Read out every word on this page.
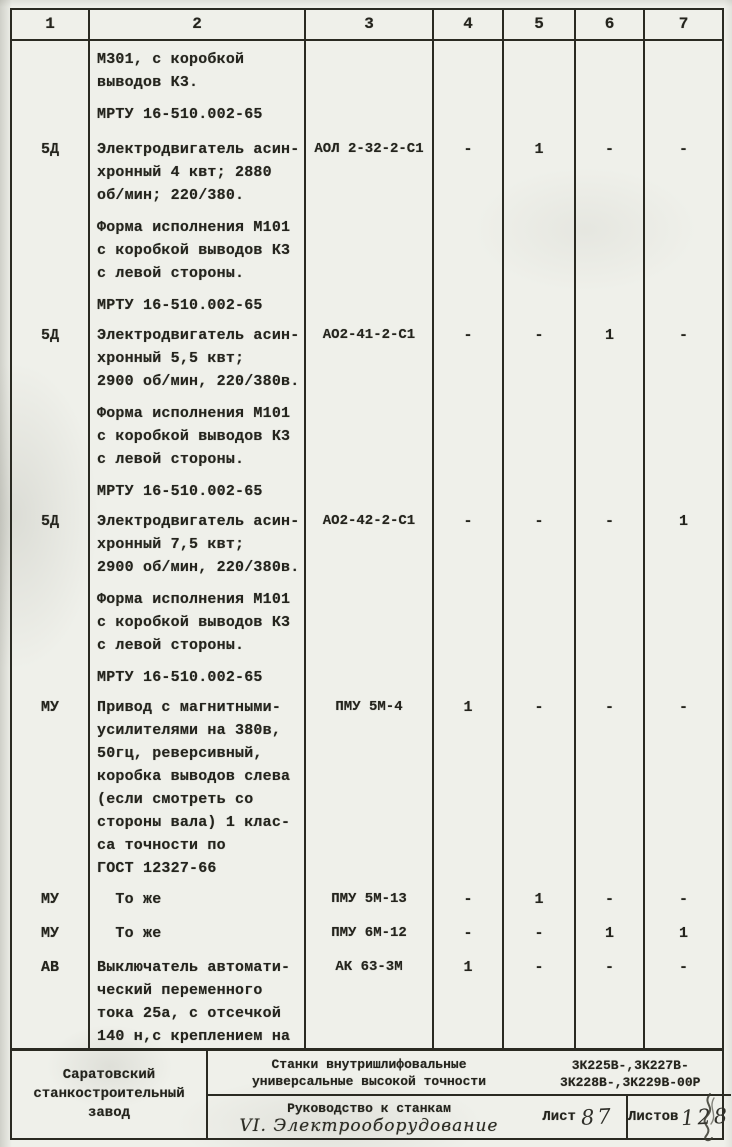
1	2	3	4	5	6	7
М301, с коробкой
выводов К3.
МРТУ 16-510.002-65
5Д	Электродвигатель асин-
хронный 4 квт; 2880
об/мин; 220/380.
Форма исполнения М101
с коробкой выводов К3
с левой стороны.
МРТУ 16-510.002-65
АОЛ 2-32-2-С1	-	1	-	-
5Д	Электродвигатель асин-
хронный 5,5 квт;
2900 об/мин, 220/380в.
Форма исполнения М101
с коробкой выводов К3
с левой стороны.
МРТУ 16-510.002-65
АО2-41-2-С1	-	-	1	-
5Д	Электродвигатель асин-
хронный 7,5 квт;
2900 об/мин, 220/380в.
Форма исполнения М101
с коробкой выводов К3
с левой стороны.
МРТУ 16-510.002-65
АО2-42-2-С1	-	-	-	1
МУ	Привод с магнитными-
усилителями на 380в,
50гц, реверсивный,
коробка выводов слева
(если смотреть со
стороны вала) 1 клас-
са точности по
ГОСТ 12327-66
ПМУ 5М-4	1	-	-	-
МУ	То же	ПМУ 5М-13	-	1	-	-
МУ	То же	ПМУ 6М-12	-	-	1	1
АВ	Выключатель автомати-
ческий переменного
тока 25а, с отсечкой
140 н,с креплением на
АК 63-3М	1	-	-	-
Саратовский
станкостроительный
завод
Станки внутришлифовальные
универсальные высокой точности
Руководство к станкам
VI. Электрооборудование
3К225В-,3К227В-
3К228В-,3К229В-00Р
Лист 87 Листов 128
